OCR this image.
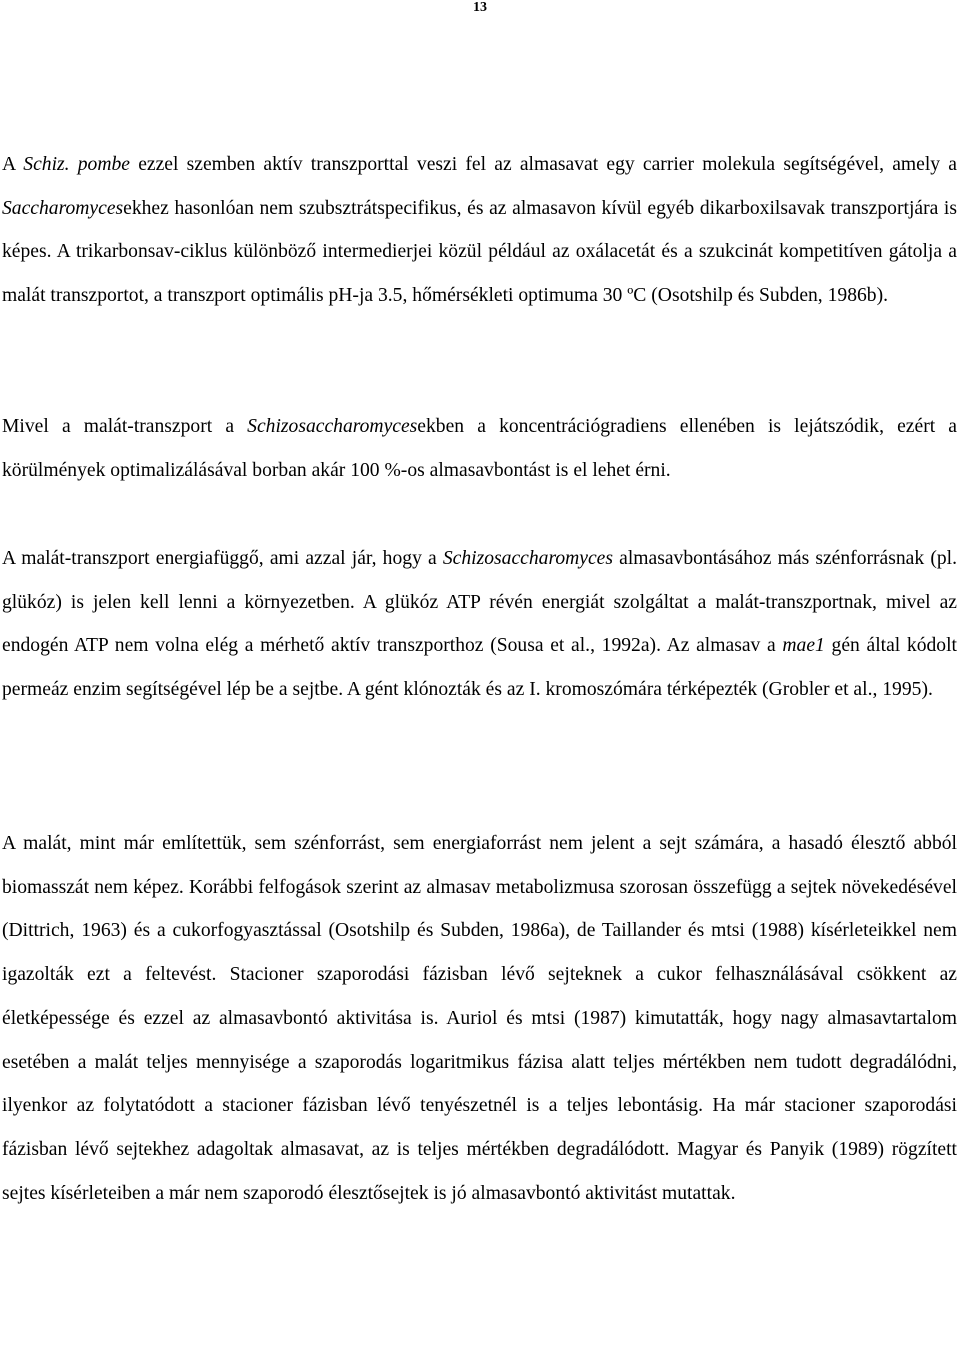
13

A Schiz. pombe ezzel szemben aktív transzporttal veszi fel az almasavat egy carrier molekula segítségével, amely a Saccharomycesekhez hasonlóan nem szubsztrátspecifikus, és az almasavon kívül egyéb dikarboxilsavak transzportjára is képes. A trikarbonsav-ciklus különböző intermedierjei közül például az oxálacetát és a szukcinát kompetitíven gátolja a malát transzportot, a transzport optimális pH-ja 3.5, hőmérsékleti optimuma 30 ºC (Osotshilp és Subden, 1986b).

Mivel a malát-transzport a Schizosaccharomycesekben a koncentrációgradiens ellenében is lejátszódik, ezért a körülmények optimalizálásával borban akár 100 %-os almasavbontást is el lehet érni.

A malát-transzport energiafüggő, ami azzal jár, hogy a Schizosaccharomyces almasavbontásához más szénforrásnak (pl. glükóz) is jelen kell lenni a környezetben. A glükóz ATP révén energiát szolgáltat a malát-transzportnak, mivel az endogén ATP nem volna elég a mérhető aktív transzporthoz (Sousa et al., 1992a). Az almasav a mae1 gén által kódolt permeáz enzim segítségével lép be a sejtbe. A gént klónozták és az I. kromoszómára térképezték (Grobler et al., 1995).

A malát, mint már említettük, sem szénforrást, sem energiaforrást nem jelent a sejt számára, a hasadó élesztő abból biomasszát nem képez. Korábbi felfogások szerint az almasav metabolizmusa szorosan összefügg a sejtek növekedésével (Dittrich, 1963) és a cukorfogyasztással (Osotshilp és Subden, 1986a), de Taillander és mtsi (1988) kísérleteikkel nem igazolták ezt a feltevést. Stacioner szaporodási fázisban lévő sejteknek a cukor felhasználásával csökkent az életképessége és ezzel az almasavbontó aktivitása is. Auriol és mtsi (1987) kimutatták, hogy nagy almasavtartalom esetében a malát teljes mennyisége a szaporodás logaritmikus fázisa alatt teljes mértékben nem tudott degradálódni, ilyenkor az folytatódott a stacioner fázisban lévő tenyészetnél is a teljes lebontásig. Ha már stacioner szaporodási fázisban lévő sejtekhez adagoltak almasavat, az is teljes mértékben degradálódott. Magyar és Panyik (1989) rögzített sejtes kísérleteiben a már nem szaporodó élesztősejtek is jó almasavbontó aktivitást mutattak.
